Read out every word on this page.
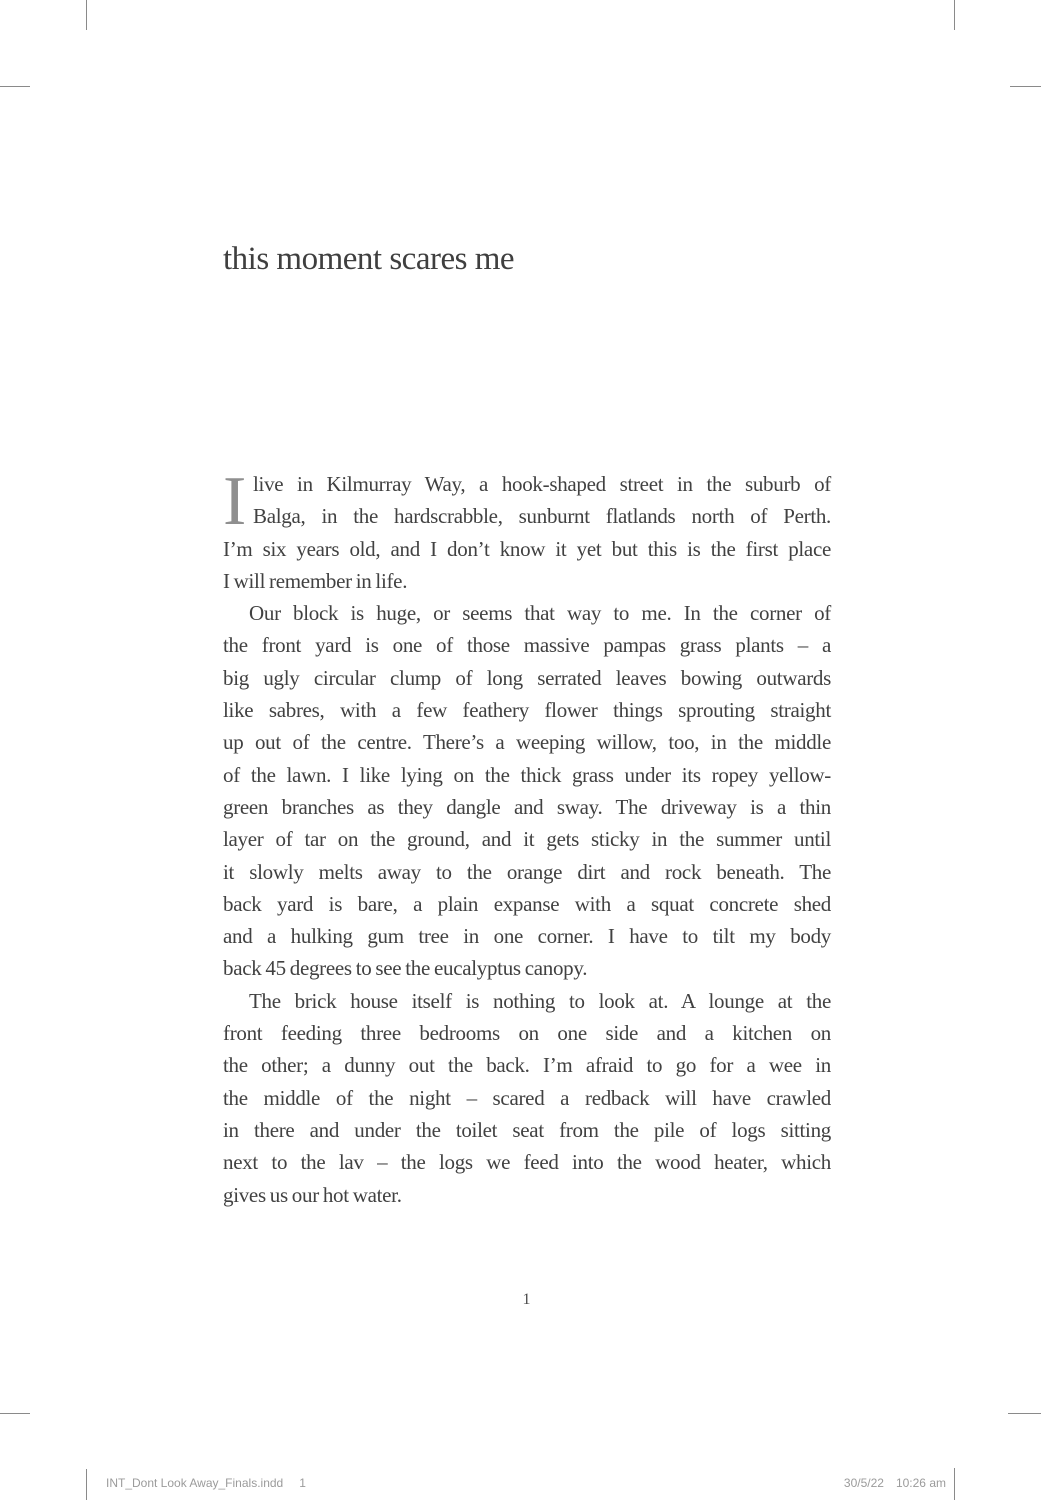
this moment scares me
I live in Kilmurray Way, a hook-shaped street in the suburb of
Balga, in the hardscrabble, sunburnt flatlands north of Perth.
I’m six years old, and I don’t know it yet but this is the first place
I will remember in life.
Our block is huge, or seems that way to me. In the corner of
the front yard is one of those massive pampas grass plants – a
big ugly circular clump of long serrated leaves bowing outwards
like sabres, with a few feathery flower things sprouting straight
up out of the centre. There’s a weeping willow, too, in the middle
of the lawn. I like lying on the thick grass under its ropey yellow-
green branches as they dangle and sway. The driveway is a thin
layer of tar on the ground, and it gets sticky in the summer until
it slowly melts away to the orange dirt and rock beneath. The
back yard is bare, a plain expanse with a squat concrete shed
and a hulking gum tree in one corner. I have to tilt my body
back 45 degrees to see the eucalyptus canopy.
The brick house itself is nothing to look at. A lounge at the
front feeding three bedrooms on one side and a kitchen on
the other; a dunny out the back. I’m afraid to go for a wee in
the middle of the night – scared a redback will have crawled
in there and under the toilet seat from the pile of logs sitting
next to the lav – the logs we feed into the wood heater, which
gives us our hot water.
1
INT_Dont Look Away_Finals.indd 1	30/5/22 10:26 am
